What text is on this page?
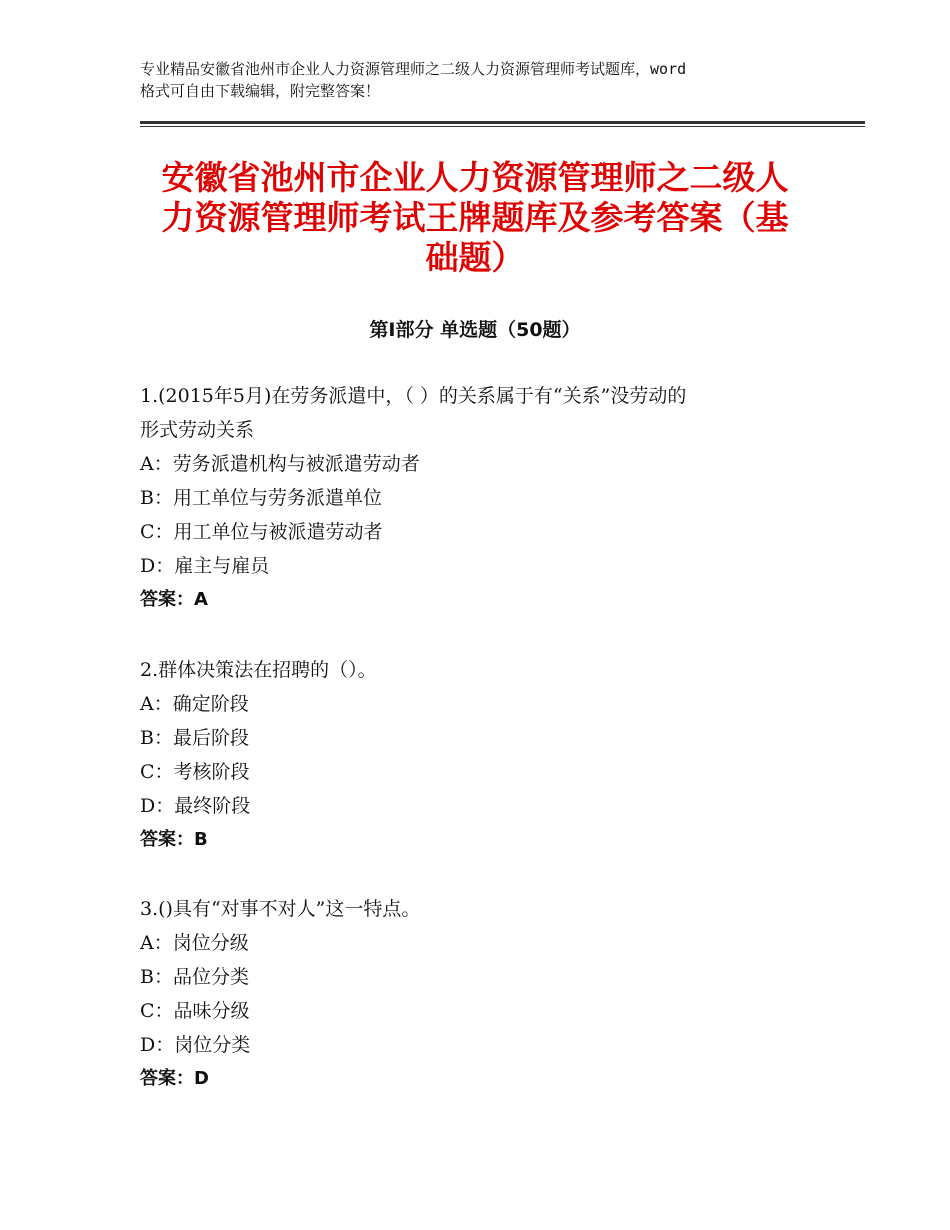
专业精品安徽省池州市企业人力资源管理师之二级人力资源管理师考试题库，word
格式可自由下载编辑，附完整答案！
安徽省池州市企业人力资源管理师之二级人
力资源管理师考试王牌题库及参考答案（基
础题）
第Ⅰ部分 单选题（50题）
1.(2015年5月)在劳务派遣中，（ ）的关系属于有“关系”没劳动的
形式劳动关系
A：劳务派遣机构与被派遣劳动者
B：用工单位与劳务派遣单位
C：用工单位与被派遣劳动者
D：雇主与雇员
答案：A
2.群体决策法在招聘的（）。
A：确定阶段
B：最后阶段
C：考核阶段
D：最终阶段
答案：B
3.()具有“对事不对人”这一特点。
A：岗位分级
B：品位分类
C：品味分级
D：岗位分类
答案：D
